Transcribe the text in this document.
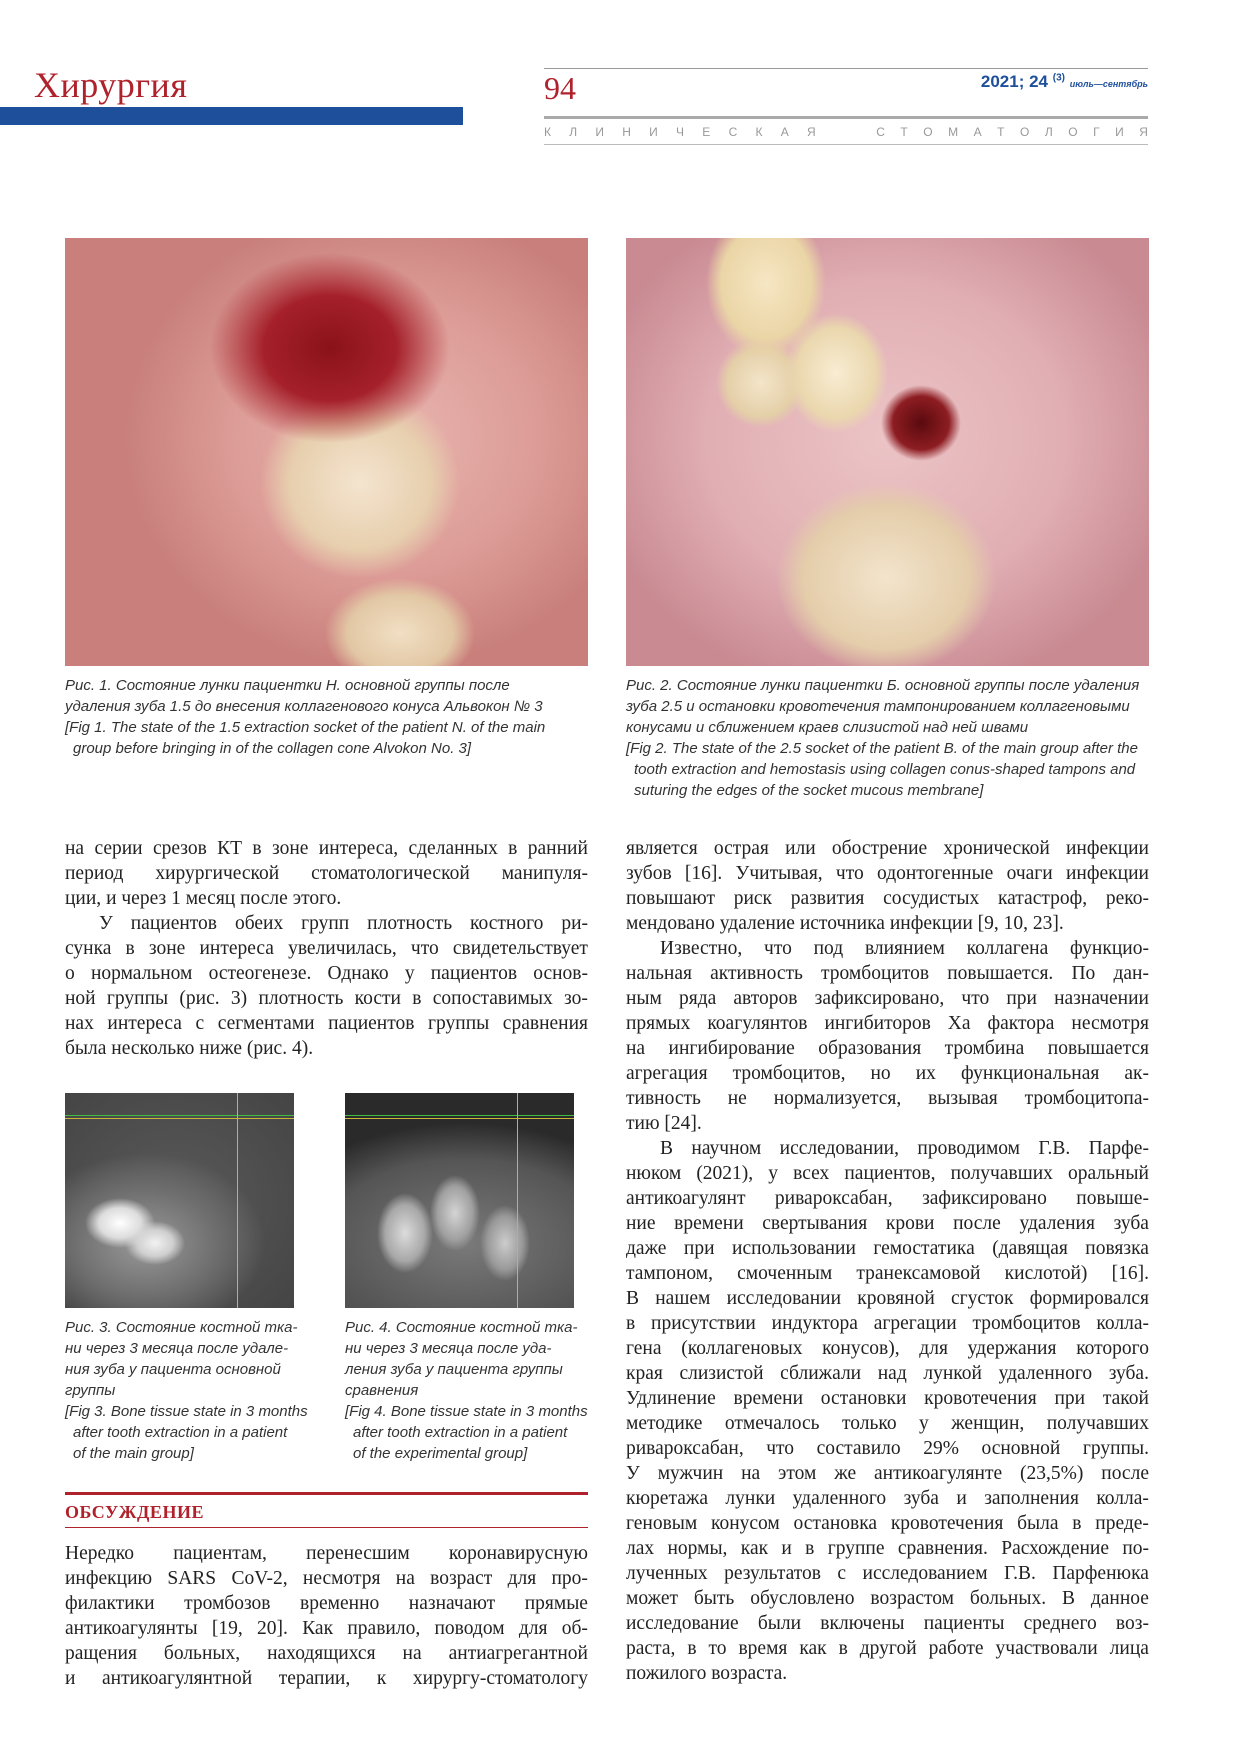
Хирургия	94	2021; 24 $^{(3)}$ июль—сентябрь
К Л И Н И Ч Е С К А Я	С Т О М А Т О Л О Г И Я
Рис. 1. Состояние лунки пациентки Н. основной группы после
удаления зуба 1.5 до внесения коллагенового конуса Альвокон № 3
[Fig 1. The state of the 1.5 extraction socket of the patient N. of the main
group before bringing in of the collagen cone Alvokon No. 3]
Рис. 2. Состояние лунки пациентки Б. основной группы после удаления
зуба 2.5 и остановки кровотечения тампонированием коллагеновыми
конусами и сближением краев слизистой над ней швами
[Fig 2. The state of the 2.5 socket of the patient B. of the main group after the
tooth extraction and hemostasis using collagen conus-shaped tampons and
suturing the edges of the socket mucous membrane]
на серии срезов КТ в зоне интереса, сделанных в ранний
период хирургической стоматологической манипуля-
ции, и через 1 месяц после этого.
У пациентов обеих групп плотность костного ри-
сунка в зоне интереса увеличилась, что свидетельствует
о нормальном остеогенезе. Однако у пациентов основ-
ной группы (рис. 3) плотность кости в сопоставимых зо-
нах интереса с сегментами пациентов группы сравнения
была несколько ниже (рис. 4).
Рис. 3. Состояние костной тка-
ни через 3 месяца после удале-
ния зуба у пациента основной
группы
[Fig 3. Bone tissue state in 3 months
after tooth extraction in a patient
of the main group]
Рис. 4. Состояние костной тка-
ни через 3 месяца после уда-
ления зуба у пациента группы
сравнения
[Fig 4. Bone tissue state in 3 months
after tooth extraction in a patient
of the experimental group]
ОБСУЖДЕНИЕ
Нередко пациентам, перенесшим коронавирусную
инфекцию SARS CoV-2, несмотря на возраст для про-
филактики тромбозов временно назначают прямые
антикоагулянты [19, 20]. Как правило, поводом для об-
ращения больных, находящихся на антиагрегантной
и антикоагулянтной терапии, к хирургу-стоматологу
является острая или обострение хронической инфекции
зубов [16]. Учитывая, что одонтогенные очаги инфекции
повышают риск развития сосудистых катастроф, реко-
мендовано удаление источника инфекции [9, 10, 23].
Известно, что под влиянием коллагена функцио-
нальная активность тромбоцитов повышается. По дан-
ным ряда авторов зафиксировано, что при назначении
прямых коагулянтов ингибиторов Ха фактора несмотря
на ингибирование образования тромбина повышается
агрегация тромбоцитов, но их функциональная ак-
тивность не нормализуется, вызывая тромбоцитопа-
тию [24].
В научном исследовании, проводимом Г.В. Парфе-
нюком (2021), у всех пациентов, получавших оральный
антикоагулянт ривароксабан, зафиксировано повыше-
ние времени свертывания крови после удаления зуба
даже при использовании гемостатика (давящая повязка
тампоном, смоченным транексамовой кислотой) [16].
В нашем исследовании кровяной сгусток формировался
в присутствии индуктора агрегации тромбоцитов колла-
гена (коллагеновых конусов), для удержания которого
края слизистой сближали над лункой удаленного зуба.
Удлинение времени остановки кровотечения при такой
методике отмечалось только у женщин, получавших
ривароксабан, что составило 29% основной группы.
У мужчин на этом же антикоагулянте (23,5%) после
кюретажа лунки удаленного зуба и заполнения колла-
геновым конусом остановка кровотечения была в преде-
лах нормы, как и в группе сравнения. Расхождение по-
лученных результатов с исследованием Г.В. Парфенюка
может быть обусловлено возрастом больных. В данное
исследование были включены пациенты среднего воз-
раста, в то время как в другой работе участвовали лица
пожилого возраста.
